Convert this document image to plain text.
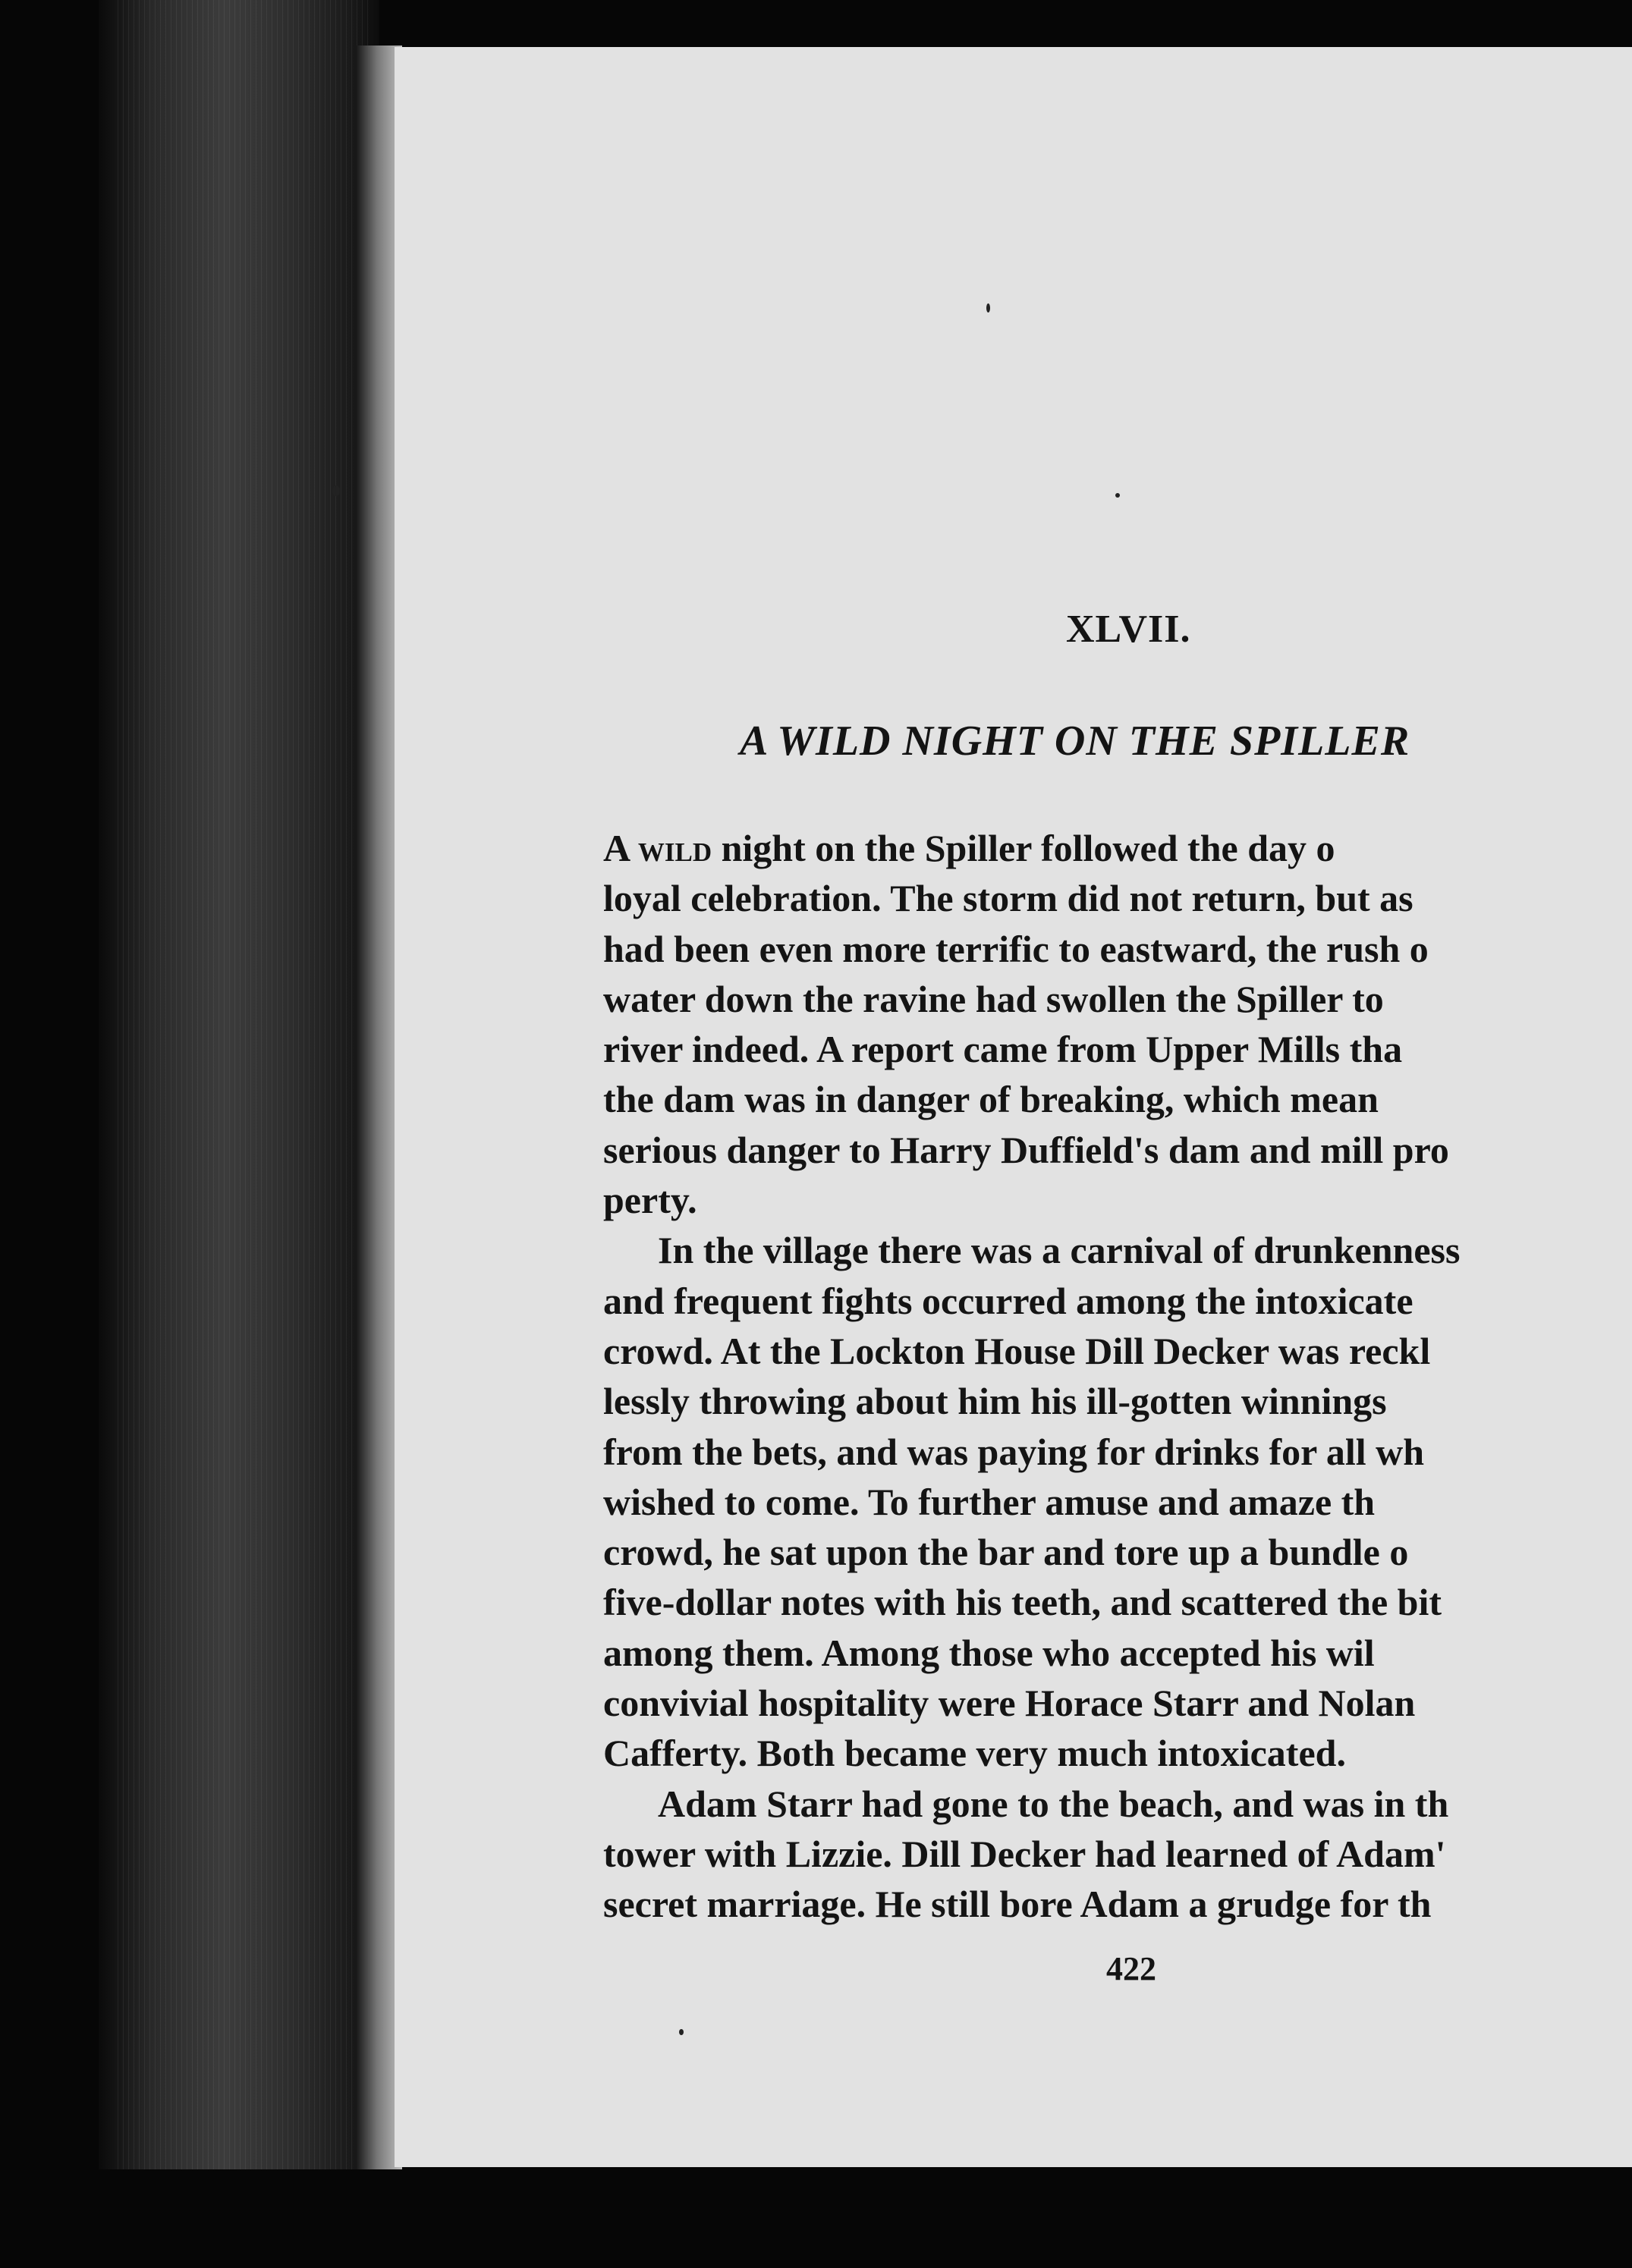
XLVII.
A WILD NIGHT ON THE SPILLER
A wild night on the Spiller followed the day o
loyal celebration. The storm did not return, but as
had been even more terrific to eastward, the rush o
water down the ravine had swollen the Spiller to
river indeed. A report came from Upper Mills tha
the dam was in danger of breaking, which mean
serious danger to Harry Duffield's dam and mill pro
perty.
In the village there was a carnival of drunkenness
and frequent fights occurred among the intoxicate
crowd. At the Lockton House Dill Decker was reckl
lessly throwing about him his ill-gotten winnings
from the bets, and was paying for drinks for all wh
wished to come. To further amuse and amaze th
crowd, he sat upon the bar and tore up a bundle o
five-dollar notes with his teeth, and scattered the bit
among them. Among those who accepted his wil
convivial hospitality were Horace Starr and Nolan
Cafferty. Both became very much intoxicated.
Adam Starr had gone to the beach, and was in th
tower with Lizzie. Dill Decker had learned of Adam'
secret marriage. He still bore Adam a grudge for th
422
